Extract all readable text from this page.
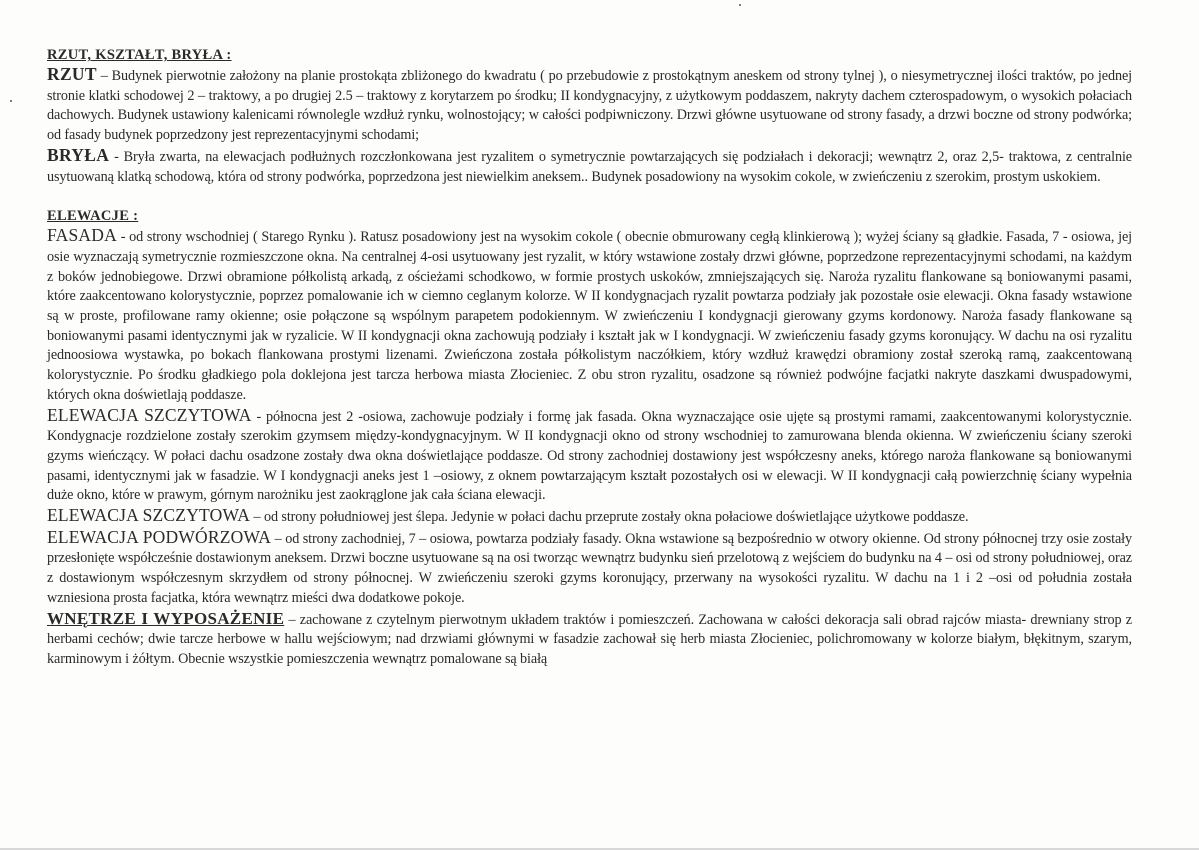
RZUT, KSZTAŁT, BRYŁA :

RZUT – Budynek pierwotnie założony na planie prostokąta zbliżonego do kwadratu ( po przebudowie z prostokątnym aneskem od strony tylnej ), o niesymetrycznej ilości traktów, po jednej stronie klatki schodowej 2 – traktowy, a po drugiej 2.5 – traktowy z korytarzem po środku; II kondygnacyjny, z użytkowym poddaszem, nakryty dachem czterospadowym, o wysokich połaciach dachowych. Budynek ustawiony kalenicami równolegle wzdłuż rynku, wolnostojący; w całości podpiwniczony. Drzwi główne usytuowane od strony fasady, a drzwi boczne od strony podwórka; od fasady budynek poprzedzony jest reprezentacyjnymi schodami;

BRYŁA - Bryła zwarta, na elewacjach podłużnych rozczłonkowana jest ryzalitem o symetrycznie powtarzających się podziałach i dekoracji; wewnątrz 2, oraz 2,5- traktowa, z centralnie usytuowaną klatką schodową, która od strony podwórka, poprzedzona jest niewielkim aneksem.. Budynek posadowiony na wysokim cokole, w zwieńczeniu z szerokim, prostym uskokiem.

ELEWACJE :

FASADA - od strony wschodniej ( Starego Rynku ). Ratusz posadowiony jest na wysokim cokole ( obecnie obmurowany cegłą klinkierową ); wyżej ściany są gładkie. Fasada, 7 - osiowa, jej osie wyznaczają symetrycznie rozmieszczone okna. Na centralnej 4-osi usytuowany jest ryzalit, w który wstawione zostały drzwi główne, poprzedzone reprezentacyjnymi schodami, na każdym z boków jednobiegowe. Drzwi obramione półkolistą arkadą, z ościeżami schodkowo, w formie prostych uskoków, zmniejszających się. Naroża ryzalitu flankowane są boniowanymi pasami, które zaakcentowano kolorystycznie, poprzez pomalowanie ich w ciemno ceglanym kolorze. W II kondygnacjach ryzalit powtarza podziały jak pozostałe osie elewacji. Okna fasady wstawione są w proste, profilowane ramy okienne; osie połączone są wspólnym parapetem podokiennym. W zwieńczeniu I kondygnacji gierowany gzyms kordonowy. Naroża fasady flankowane są boniowanymi pasami identycznymi jak w ryzalicie. W II kondygnacji okna zachowują podziały i kształt jak w I kondygnacji. W zwieńczeniu fasady gzyms koronujący. W dachu na osi ryzalitu jednoosiowa wystawka, po bokach flankowana prostymi lizenami. Zwieńczona została półkolistym naczółkiem, który wzdłuż krawędzi obramiony został szeroką ramą, zaakcentowaną kolorystycznie. Po środku gładkiego pola doklejona jest tarcza herbowa miasta Złocieniec. Z obu stron ryzalitu, osadzone są również podwójne facjatki nakryte daszkami dwuspadowymi, których okna doświetlają poddasze.

ELEWACJA SZCZYTOWA - północna jest 2 -osiowa, zachowuje podziały i formę jak fasada. Okna wyznaczające osie ujęte są prostymi ramami, zaakcentowanymi kolorystycznie. Kondygnacje rozdzielone zostały szerokim gzymsem między-kondygnacyjnym. W II kondygnacji okno od strony wschodniej to zamurowana blenda okienna. W zwieńczeniu ściany szeroki gzyms wieńczący. W połaci dachu osadzone zostały dwa okna doświetlające poddasze. Od strony zachodniej dostawiony jest współczesny aneks, którego naroża flankowane są boniowanymi pasami, identycznymi jak w fasadzie. W I kondygnacji aneks jest 1 –osiowy, z oknem powtarzającym kształt pozostałych osi w elewacji. W II kondygnacji całą powierzchnię ściany wypełnia duże okno, które w prawym, górnym narożniku jest zaokrąglone jak cała ściana elewacji.

ELEWACJA SZCZYTOWA – od strony południowej jest ślepa. Jedynie w połaci dachu przeprute zostały okna połaciowe doświetlające użytkowe poddasze.

ELEWACJA PODWÓRZOWA – od strony zachodniej, 7 – osiowa, powtarza podziały fasady. Okna wstawione są bezpośrednio w otwory okienne. Od strony północnej trzy osie zostały przesłonięte współcześnie dostawionym aneksem. Drzwi boczne usytuowane są na osi tworząc wewnątrz budynku sień przelotową z wejściem do budynku na 4 – osi od strony południowej, oraz z dostawionym współczesnym skrzydłem od strony północnej. W zwieńczeniu szeroki gzyms koronujący, przerwany na wysokości ryzalitu. W dachu na 1 i 2 –osi od południa została wzniesiona prosta facjatka, która wewnątrz mieści dwa dodatkowe pokoje.

WNĘTRZE I WYPOSAŻENIE – zachowane z czytelnym pierwotnym układem traktów i pomieszczeń. Zachowana w całości dekoracja sali obrad rajców miasta- drewniany strop z herbami cechów; dwie tarcze herbowe w hallu wejściowym; nad drzwiami głównymi w fasadzie zachował się herb miasta Złocieniec, polichromowany w kolorze białym, błękitnym, szarym, karminowym i żółtym. Obecnie wszystkie pomieszczenia wewnątrz pomalowane są białą
